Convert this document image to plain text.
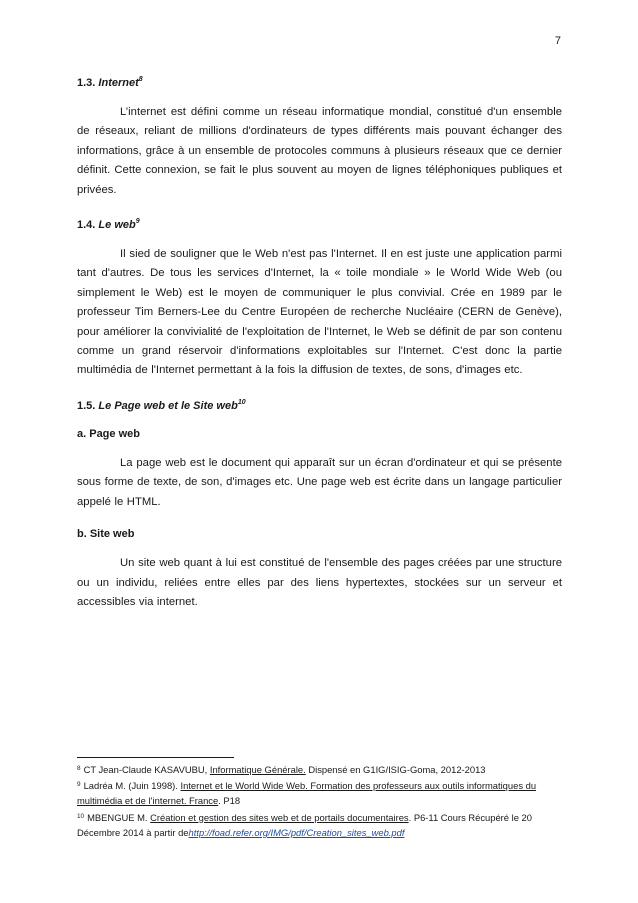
7
1.3. Internet$^8$

L’internet est défini comme un réseau informatique mondial, constitué d'un ensemble de réseaux, reliant de millions d'ordinateurs de types différents mais pouvant échanger des informations, grâce à un ensemble de protocoles communs à plusieurs réseaux que ce dernier définit. Cette connexion, se fait le plus souvent au moyen de lignes téléphoniques publiques et privées.

1.4. Le web$^9$

Il sied de souligner que le Web n'est pas l'Internet. Il en est juste une application parmi tant d'autres. De tous les services d'Internet, la « toile mondiale » le World Wide Web (ou simplement le Web) est le moyen de communiquer le plus convivial. Crée en 1989 par le professeur Tim Berners-Lee du Centre Européen de recherche Nucléaire (CERN de Genève), pour améliorer la convivialité de l'exploitation de l'Internet, le Web se définit de par son contenu comme un grand réservoir d'informations exploitables sur l'Internet. C'est donc la partie multimédia de l'Internet permettant à la fois la diffusion de textes, de sons, d'images etc.

1.5. Le Page web et le Site web$^{10}$
a. Page web

La page web est le document qui apparaît sur un écran d'ordinateur et qui se présente sous forme de texte, de son, d'images etc. Une page web est écrite dans un langage particulier appelé le HTML.

b. Site web

Un site web quant à lui est constitué de l'ensemble des pages créées par une structure ou un individu, reliées entre elles par des liens hypertextes, stockées sur un serveur et accessibles via internet.

$^8$ CT Jean-Claude KASAVUBU, Informatique Générale. Dispensé en G1IG/ISIG-Goma, 2012-2013
$^9$ Ladréa M. (Juin 1998). Internet et le World Wide Web. Formation des professeurs aux outils informatiques du multimédia et de l’internet. France. P18
$^{10}$ MBENGUE M. Création et gestion des sites web et de portails documentaires. P6-11 Cours Récupéré le 20 Décembre 2014 à partir dehttp://foad.refer.org/IMG/pdf/Creation_sites_web.pdf
